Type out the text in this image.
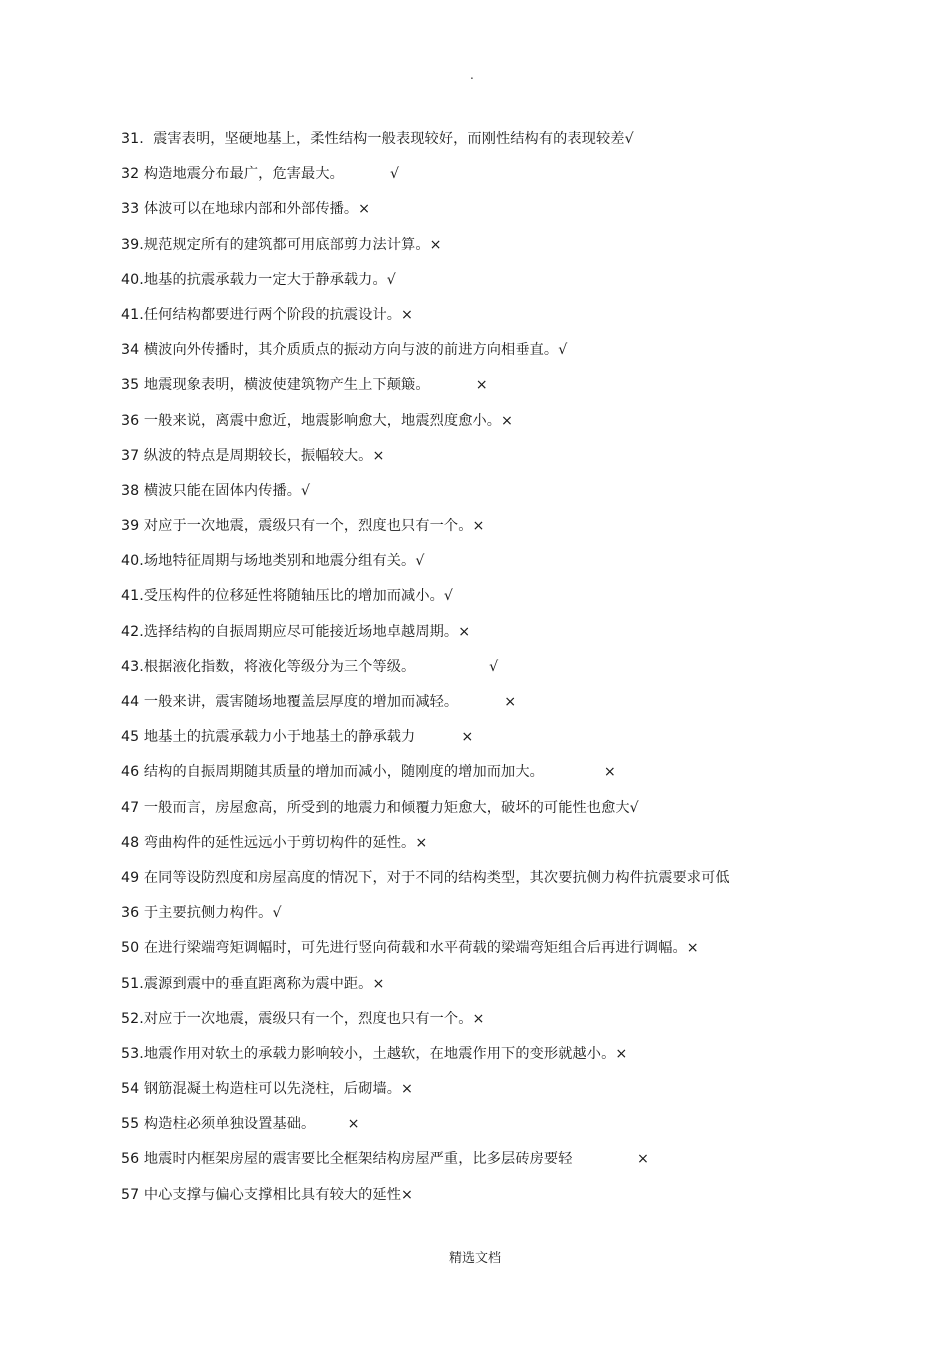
.
31.  震害表明，坚硬地基上，柔性结构一般表现较好，而刚性结构有的表现较差√
32 构造地震分布最广，危害最大。          √
33 体波可以在地球内部和外部传播。×
39.规范规定所有的建筑都可用底部剪力法计算。×
40.地基的抗震承载力一定大于静承载力。√
41.任何结构都要进行两个阶段的抗震设计。×
34 横波向外传播时，其介质质点的振动方向与波的前进方向相垂直。√
35 地震现象表明，横波使建筑物产生上下颠簸。          ×
36 一般来说，离震中愈近，地震影响愈大，地震烈度愈小。×
37 纵波的特点是周期较长，振幅较大。×
38 横波只能在固体内传播。√
39 对应于一次地震，震级只有一个，烈度也只有一个。×
40.场地特征周期与场地类别和地震分组有关。√
41.受压构件的位移延性将随轴压比的增加而减小。√
42.选择结构的自振周期应尽可能接近场地卓越周期。×
43.根据液化指数，将液化等级分为三个等级。                √
44 一般来讲，震害随场地覆盖层厚度的增加而减轻。          ×
45 地基土的抗震承载力小于地基土的静承载力          ×
46 结构的自振周期随其质量的增加而减小，随刚度的增加而加大。             ×
47 一般而言，房屋愈高，所受到的地震力和倾覆力矩愈大，破坏的可能性也愈大√
48 弯曲构件的延性远远小于剪切构件的延性。×
49 在同等设防烈度和房屋高度的情况下，对于不同的结构类型，其次要抗侧力构件抗震要求可低
36 于主要抗侧力构件。√
50 在进行梁端弯矩调幅时，可先进行竖向荷载和水平荷载的梁端弯矩组合后再进行调幅。×
51.震源到震中的垂直距离称为震中距。×
52.对应于一次地震，震级只有一个，烈度也只有一个。×
53.地震作用对软土的承载力影响较小，土越软，在地震作用下的变形就越小。×
54 钢筋混凝土构造柱可以先浇柱，后砌墙。×
55 构造柱必须单独设置基础。       ×
56 地震时内框架房屋的震害要比全框架结构房屋严重，比多层砖房要轻              ×
57 中心支撑与偏心支撑相比具有较大的延性×
精选文档
